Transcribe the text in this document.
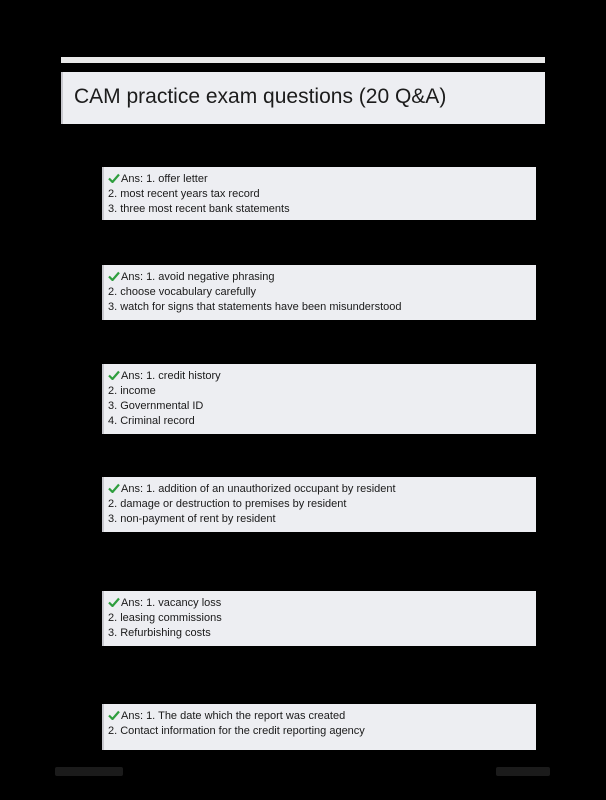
CAM practice exam questions (20 Q&A)
Ans: 1. offer letter
2. most recent years tax record
3. three most recent bank statements
Ans: 1. avoid negative phrasing
2. choose vocabulary carefully
3. watch for signs that statements have been misunderstood
Ans: 1. credit history
2. income
3. Governmental ID
4. Criminal record
Ans: 1. addition of an unauthorized occupant by resident
2. damage or destruction to premises by resident
3. non-payment of rent by resident
Ans: 1. vacancy loss
2. leasing commissions
3. Refurbishing costs
Ans: 1. The date which the report was created
2. Contact information for the credit reporting agency
